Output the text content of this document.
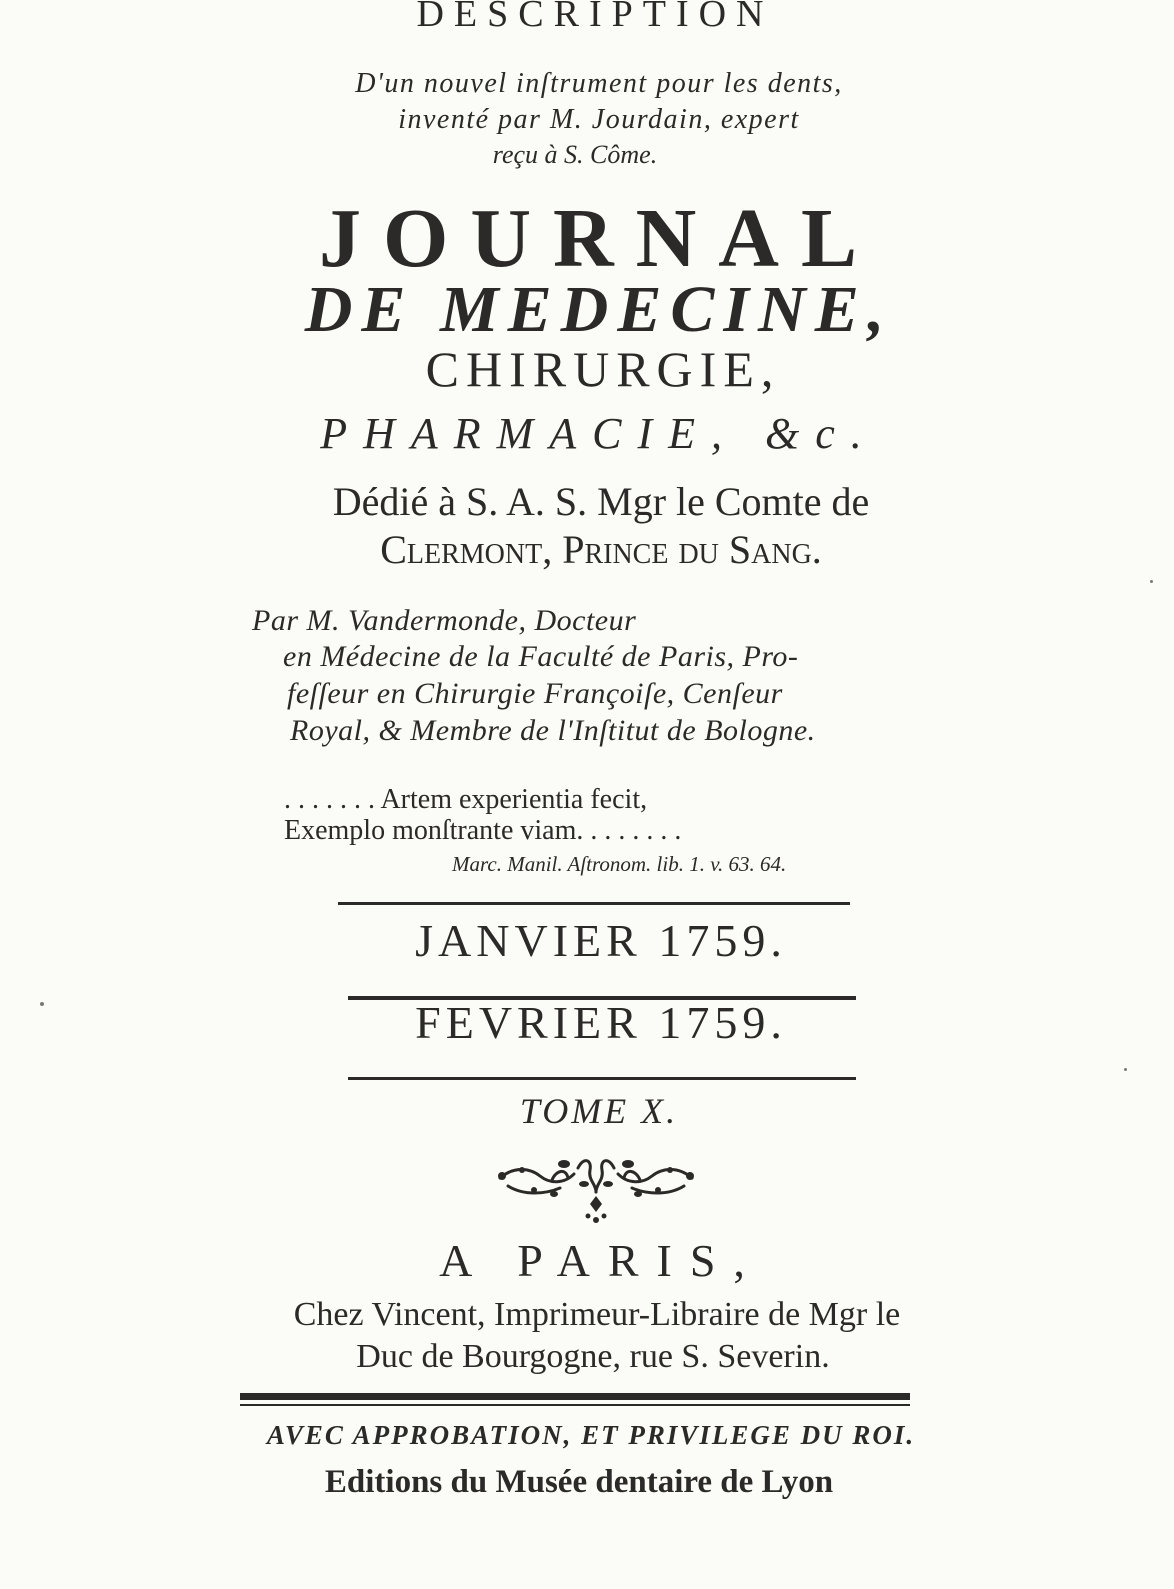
DESCRIPTION
D'un nouvel inſtrument pour les dents,
inventé par M. Jourdain, expert
reçu à S. Côme.
JOURNAL
DE MEDECINE,
CHIRURGIE,
PHARMACIE, &c.
Dédié à S. A. S. Mgr le Comte de
Clermont, Prince du Sang.
Par M. Vandermonde, Docteur
en Médecine de la Faculté de Paris, Pro-
feſſeur en Chirurgie Françoiſe, Cenſeur
Royal, & Membre de l'Inſtitut de Bologne.
. . . . . . . Artem experientia fecit,
Exemplo monſtrante viam. . . . . . . .
Marc. Manil. Aſtronom. lib. 1. v. 63. 64.
JANVIER 1759.
FEVRIER 1759.
TOME X.
A PARIS,
Chez Vincent, Imprimeur-Libraire de Mgr le
Duc de Bourgogne, rue S. Severin.
AVEC APPROBATION, ET PRIVILEGE DU ROI.
Editions du Musée dentaire de Lyon
